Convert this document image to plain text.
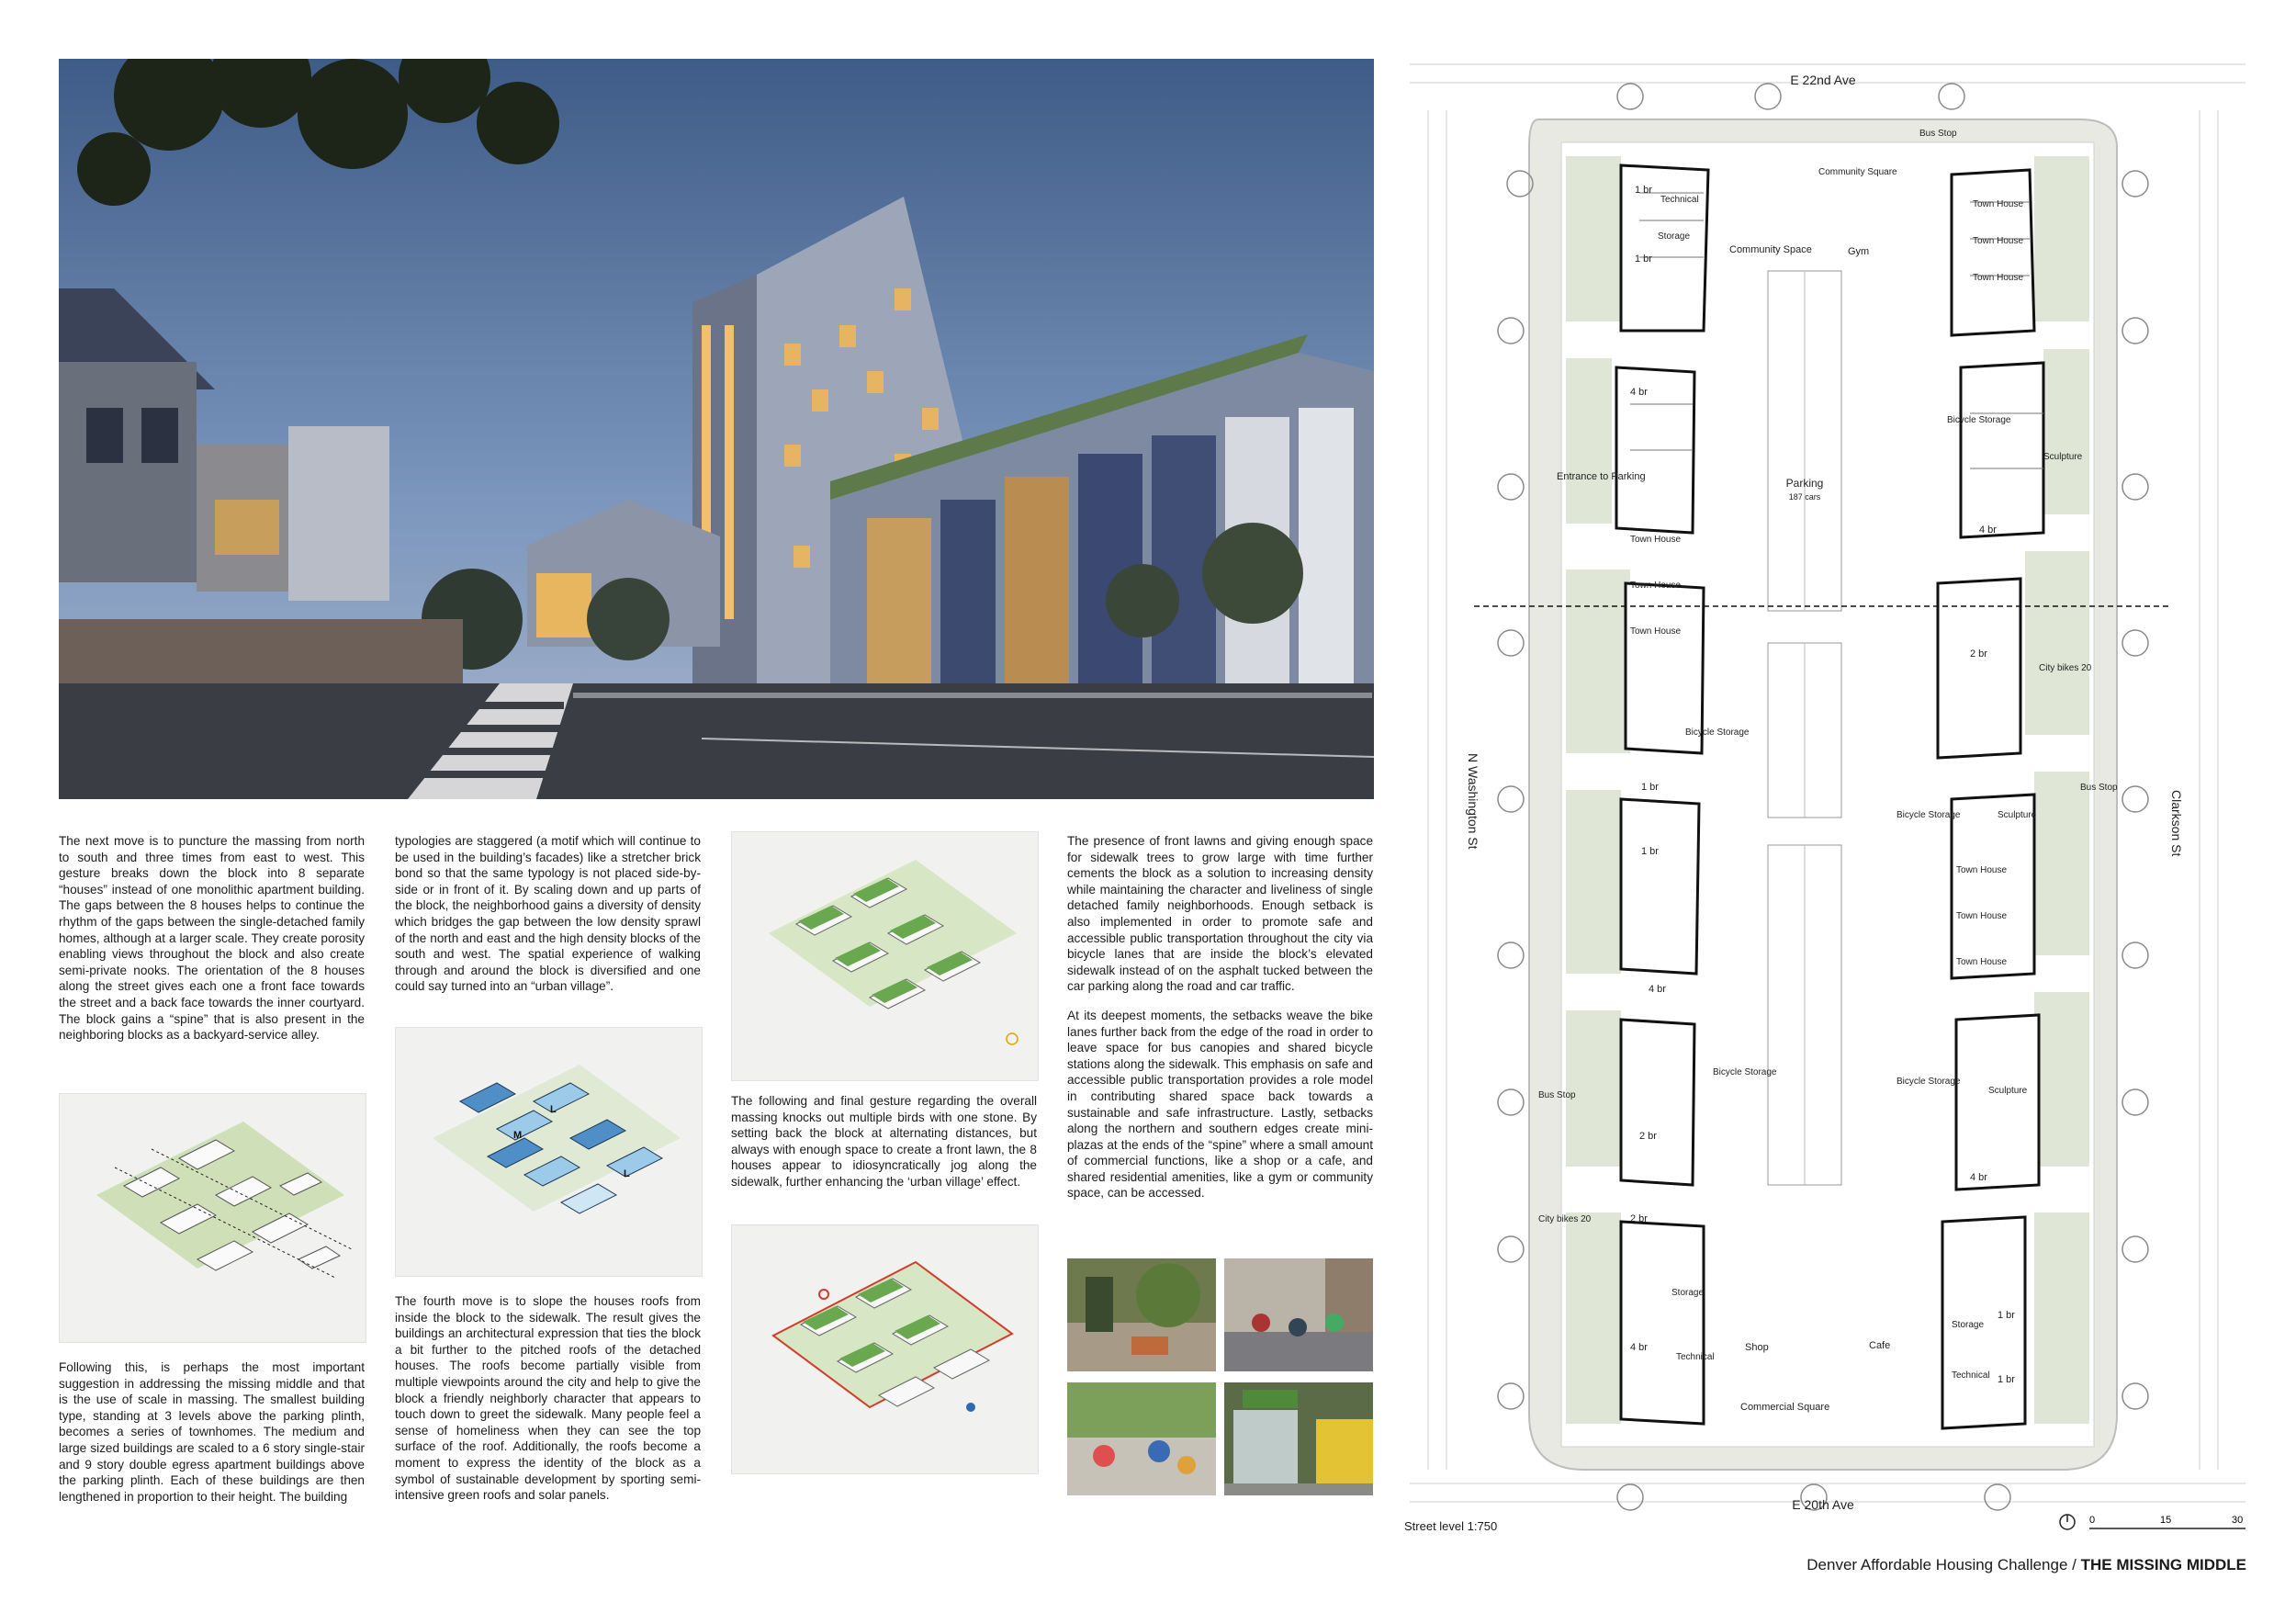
The next move is to puncture the massing from north to south and three times from east to west. This gesture breaks down the block into 8 separate “houses” instead of one monolithic apartment building. The gaps between the 8 houses helps to continue the rhythm of the gaps between the single-detached family homes, although at a larger scale. They create porosity enabling views throughout the block and also create semi-private nooks. The orientation of the 8 houses along the street gives each one a front face towards the street and a back face towards the inner courtyard. The block gains a “spine” that is also present in the neighboring blocks as a backyard-service alley.

Following this, is perhaps the most important suggestion in addressing the missing middle and that is the use of scale in massing. The smallest building type, standing at 3 levels above the parking plinth, becomes a series of townhomes. The medium and large sized buildings are scaled to a 6 story single-stair and 9 story double egress apartment buildings above the parking plinth. Each of these buildings are then lengthened in proportion to their height. The building

typologies are staggered (a motif which will continue to be used in the building’s facades) like a stretcher brick bond so that the same typology is not placed side-by-side or in front of it. By scaling down and up parts of the block, the neighborhood gains a diversity of density which bridges the gap between the low density sprawl of the north and east and the high density blocks of the south and west. The spatial experience of walking through and around the block is diversified and one could say turned into an “urban village”.

The fourth move is to slope the houses roofs from inside the block to the sidewalk. The result gives the buildings an architectural expression that ties the block a bit further to the pitched roofs of the detached houses. The roofs become partially visible from multiple viewpoints around the city and help to give the block a friendly neighborly character that appears to touch down to greet the sidewalk. Many people feel a sense of homeliness when they can see the top surface of the roof. Additionally, the roofs become a moment to express the identity of the block as a symbol of sustainable development by sporting semi-intensive green roofs and solar panels.

The following and final gesture regarding the overall massing knocks out multiple birds with one stone. By setting back the block at alternating distances, but always with enough space to create a front lawn, the 8 houses appear to idiosyncratically jog along the sidewalk, further enhancing the ‘urban village’ effect.

The presence of front lawns and giving enough space for sidewalk trees to grow large with time further cements the block as a solution to increasing density while maintaining the character and liveliness of single detached family neighborhoods. Enough setback is also implemented in order to promote safe and accessible public transportation throughout the city via bicycle lanes that are inside the block’s elevated sidewalk instead of on the asphalt tucked between the car parking along the road and car traffic.

At its deepest moments, the setbacks weave the bike lanes further back from the edge of the road in order to leave space for bus canopies and shared bicycle stations along the sidewalk. This emphasis on safe and accessible public transportation provides a role model in contributing shared space back towards a sustainable and safe infrastructure. Lastly, setbacks along the northern and southern edges create mini-plazas at the ends of the “spine” where a small amount of commercial functions, like a shop or a cafe, and shared residential amenities, like a gym or community space, can be accessed.

M
L
L
E 22nd Ave
E 20th Ave
N Washington St	Clarkson St
Bus Stop
Community Square
Technical
Storage
Community Space	Gym
1 br
1 br
4 br
Town House
Town House
Town House
Bicycle Storage
Sculpture
Entrance to Parking	Parking
187 cars
4 br
Town House
Town House
Town House
2 br
City bikes 20
Bicycle Storage
1 br
1 br
Bus Stop
Sculpture
Bicycle Storage
Town House
Town House
Town House
4 br
Bicycle Storage
Bicycle Storage
Sculpture
Bus Stop
2 br
4 br
City bikes 20	2 br
Storage
4 br
Technical
Shop	Cafe
Storage
1 br
Technical 1 br
Commercial Square
Street level 1:750	0	15	30
Denver Affordable Housing Challenge / THE MISSING MIDDLE
